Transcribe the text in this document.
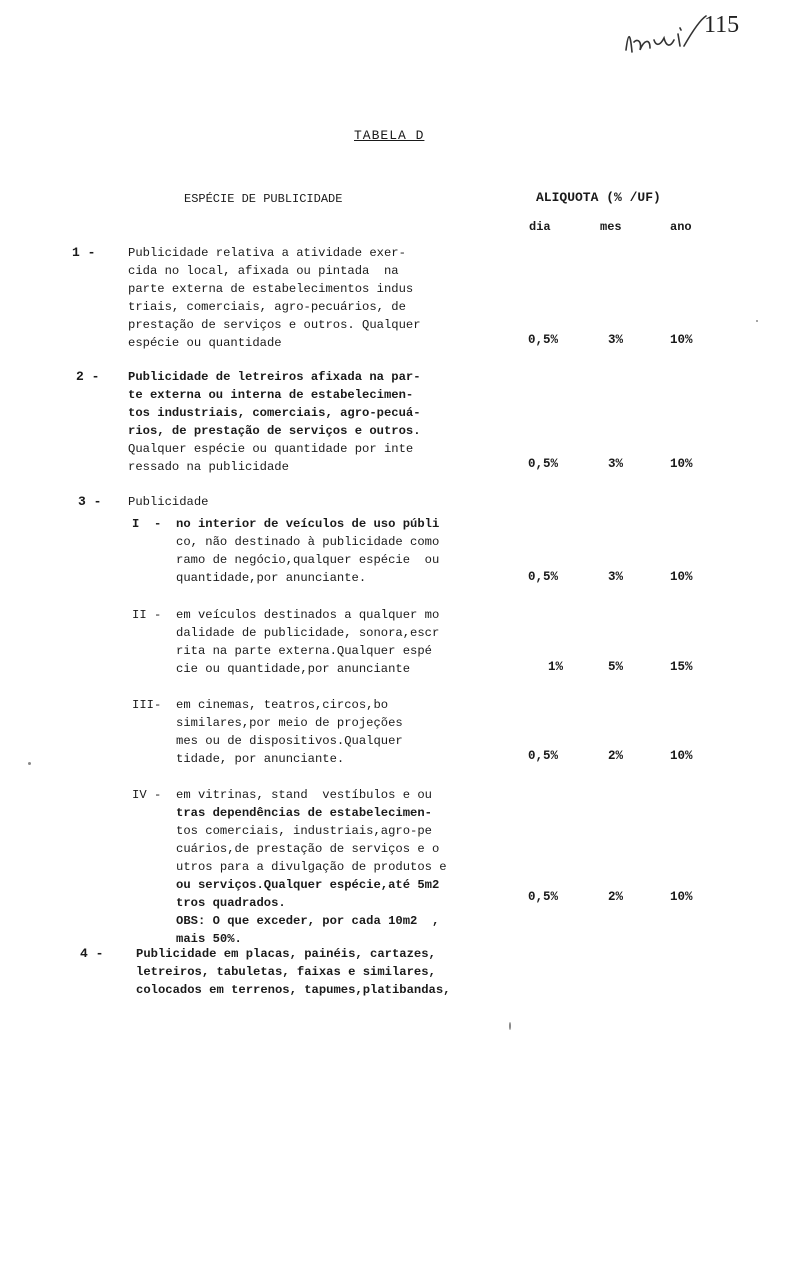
115
TABELA D
ESPÉCIE DE PUBLICIDADE	ALIQUOTA (% /UF)
dia	mes	ano
1 -	Publicidade relativa a atividade exer-
cida no local, afixada ou pintada  na
parte externa de estabelecimentos indus
triais, comerciais, agro-pecuários, de
prestação de serviços e outros. Qualquer
espécie ou quantidade	0,5%	3%	10%
2 - Publicidade de letreiros afixada na par-
te externa ou interna de estabelecimen-
tos industriais, comerciais, agro-pecuá-
rios, de prestação de serviços e outros.
Qualquer espécie ou quantidade por inte
ressado na publicidade	0,5%	3%	10%
3 - Publicidade
I  - no interior de veículos de uso públi
co, não destinado à publicidade como
ramo de negócio,qualquer espécie  ou
quantidade,por anunciante.	0,5%	3%	10%
II - em veículos destinados a qualquer mo
dalidade de publicidade, sonora,escr
rita na parte externa.Qualquer espé
cie ou quantidade,por anunciante	1%	5%	15%
III- em cinemas, teatros,circos,bo
similares,por meio de projeções
mes ou de dispositivos.Qualquer
tidade, por anunciante.	0,5%	2%	10%
IV - em vitrinas, stand  vestíbulos e ou
tras dependências de estabelecimen-
tos comerciais, industriais,agro-pe
cuários,de prestação de serviços e o
utros para a divulgação de produtos e
ou serviços.Qualquer espécie,até 5m2
tros quadrados.
OBS: O que exceder, por cada 10m2  ,
mais 50%.
0,5%	2%	10%
4 -	Publicidade em placas, painéis, cartazes,
letreiros, tabuletas, faixas e similares,
colocados em terrenos, tapumes,platibandas,
